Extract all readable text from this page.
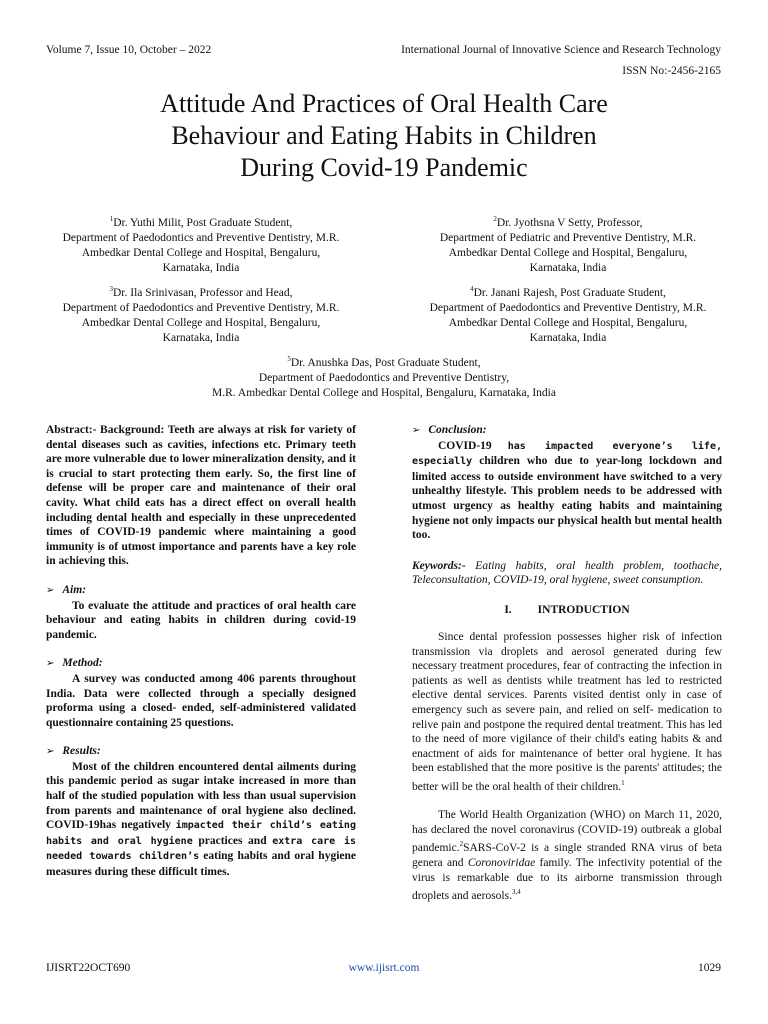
Volume 7, Issue 10, October – 2022	International Journal of Innovative Science and Research Technology
ISSN No:-2456-2165
Attitude And Practices of Oral Health Care
Behaviour and Eating Habits in Children
During Covid-19 Pandemic
$^1$Dr. Yuthi Milit, Post Graduate Student,
Department of Paedodontics and Preventive Dentistry, M.R.
Ambedkar Dental College and Hospital, Bengaluru,
Karnataka, India
$^2$Dr. Jyothsna V Setty, Professor,
Department of Pediatric and Preventive Dentistry, M.R.
Ambedkar Dental College and Hospital, Bengaluru,
Karnataka, India
$^3$Dr. Ila Srinivasan, Professor and Head,
Department of Paedodontics and Preventive Dentistry, M.R.
Ambedkar Dental College and Hospital, Bengaluru,
Karnataka, India
$^4$Dr. Janani Rajesh, Post Graduate Student,
Department of Paedodontics and Preventive Dentistry, M.R.
Ambedkar Dental College and Hospital, Bengaluru,
Karnataka, India
$^5$Dr. Anushka Das, Post Graduate Student,
Department of Paedodontics and Preventive Dentistry,
M.R. Ambedkar Dental College and Hospital, Bengaluru, Karnataka, India

Abstract:- Background: Teeth are always at risk for variety of dental diseases such as cavities, infections etc. Primary teeth are more vulnerable due to lower mineralization density, and it is crucial to start protecting them early. So, the first line of defense will be proper care and maintenance of their oral cavity. What child eats has a direct effect on overall health including dental health and especially in these unprecedented times of COVID-19 pandemic where maintaining a good immunity is of utmost importance and parents have a key role in achieving this.

➢ Aim:

To evaluate the attitude and practices of oral health care behaviour and eating habits in children during covid-19 pandemic.

➢ Method:

A survey was conducted among 406 parents throughout India. Data were collected through a specially designed proforma using a closed- ended, self-administered validated questionnaire containing 25 questions.

➢ Results:

Most of the children encountered dental ailments during this pandemic period as sugar intake increased in more than half of the studied population with less than usual supervision from parents and maintenance of oral hygiene also declined. COVID-19has negatively impacted their child’s eating habits and oral hygiene practices and extra care is needed towards children’s eating habits and oral hygiene measures during these difficult times.

➢ Conclusion:

COVID-19 has impacted everyone’s life, especially children who due to year-long lockdown and limited access to outside environment have switched to a very unhealthy lifestyle. This problem needs to be addressed with utmost urgency as healthy eating habits and maintaining hygiene not only impacts our physical health but mental health too.

Keywords:- Eating habits, oral health problem, toothache, Teleconsultation, COVID-19, oral hygiene, sweet consumption.

I. INTRODUCTION

Since dental profession possesses higher risk of infection transmission via droplets and aerosol generated during few necessary treatment procedures, fear of contracting the infection in patients as well as dentists while treatment has led to restricted elective dental services. Parents visited dentist only in case of emergency such as severe pain, and relied on self- medication to relive pain and postpone the required dental treatment. This has led to the need of more vigilance of their child's eating habits & and enactment of aids for maintenance of better oral hygiene. It has been established that the more positive is the parents' attitudes; the better will be the oral health of their children.$^1$

The World Health Organization (WHO) on March 11, 2020, has declared the novel coronavirus (COVID-19) outbreak a global pandemic.$^2$SARS-CoV-2 is a single stranded RNA virus of beta genera and Coronoviridae family. The infectivity potential of the virus is remarkable due to its airborne transmission through droplets and aerosols.$^{3,4}$

IJISRT22OCT690	www.ijisrt.com	1029
